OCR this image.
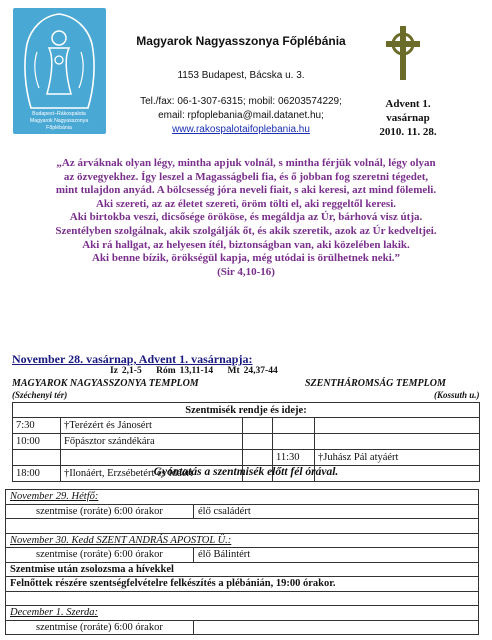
Budapest–Rákospalota
Magyarok Nagyasszonya
Főplébánia
Magyarok Nagyasszonya Főplébánia
1153 Budapest, Bácska u. 3.
Tel./fax: 06-1-307-6315; mobil: 06203574229;
email: rpfoplebania@mail.datanet.hu;
www.rakospalotaifoplebania.hu
Advent 1.
vasárnap
2010. 11. 28.
„Az árváknak olyan légy, mintha apjuk volnál, s mintha férjük volnál, légy olyan
az özvegyekhez. Így leszel a Magasságbeli fia, és ő jobban fog szeretni tégedet,
mint tulajdon anyád. A bölcsesség jóra neveli fiait, s aki keresi, azt mind fölemeli.
Aki szereti, az az életet szereti, öröm tölti el, aki reggeltől keresi.
Aki birtokba veszi, dicsősége örököse, és megáldja az Úr, bárhová visz útja.
Szentélyben szolgálnak, akik szolgálják őt, és akik szeretik, azok az Úr kedveltjei.
Aki rá hallgat, az helyesen ítél, biztonságban van, aki közelében lakik.
Aki benne bízik, örökségül kapja, még utódai is örülhetnek neki.”
(Sir 4,10-16)
November 28. vasárnap, Advent 1. vasárnapja:
Iz 2,1-5 Róm 13,11-14 Mt 24,37-44
MAGYAROK NAGYASSZONYA TEMPLOM	SZENTHÁROMSÁG TEMPLOM
(Széchenyi tér)	(Kossuth u.)
Szentmisék rendje és ideje:				
7:30	†Terézért és Jánosért			
10:00	Főpásztor szándékára			
			11:30	†Juhász Pál atyáért
18:00	†Ilonáért, Erzsébetért és Idáért			
Gyóntatás a szentmisék előtt fél órával.
November 29. Hétfő:	
szentmise (roráte) 6:00 órakor	élő családért

November 30. Kedd SZENT ANDRÁS APOSTOL Ü.:	
szentmise (roráte) 6:00 órakor	élő Bálintért
Szentmise után zsolozsma a hívekkel	
Felnőttek részére szentségfelvételre felkészítés a plébánián, 19:00 órakor.	

December 1. Szerda:	
szentmise (roráte) 6:00 órakor	
